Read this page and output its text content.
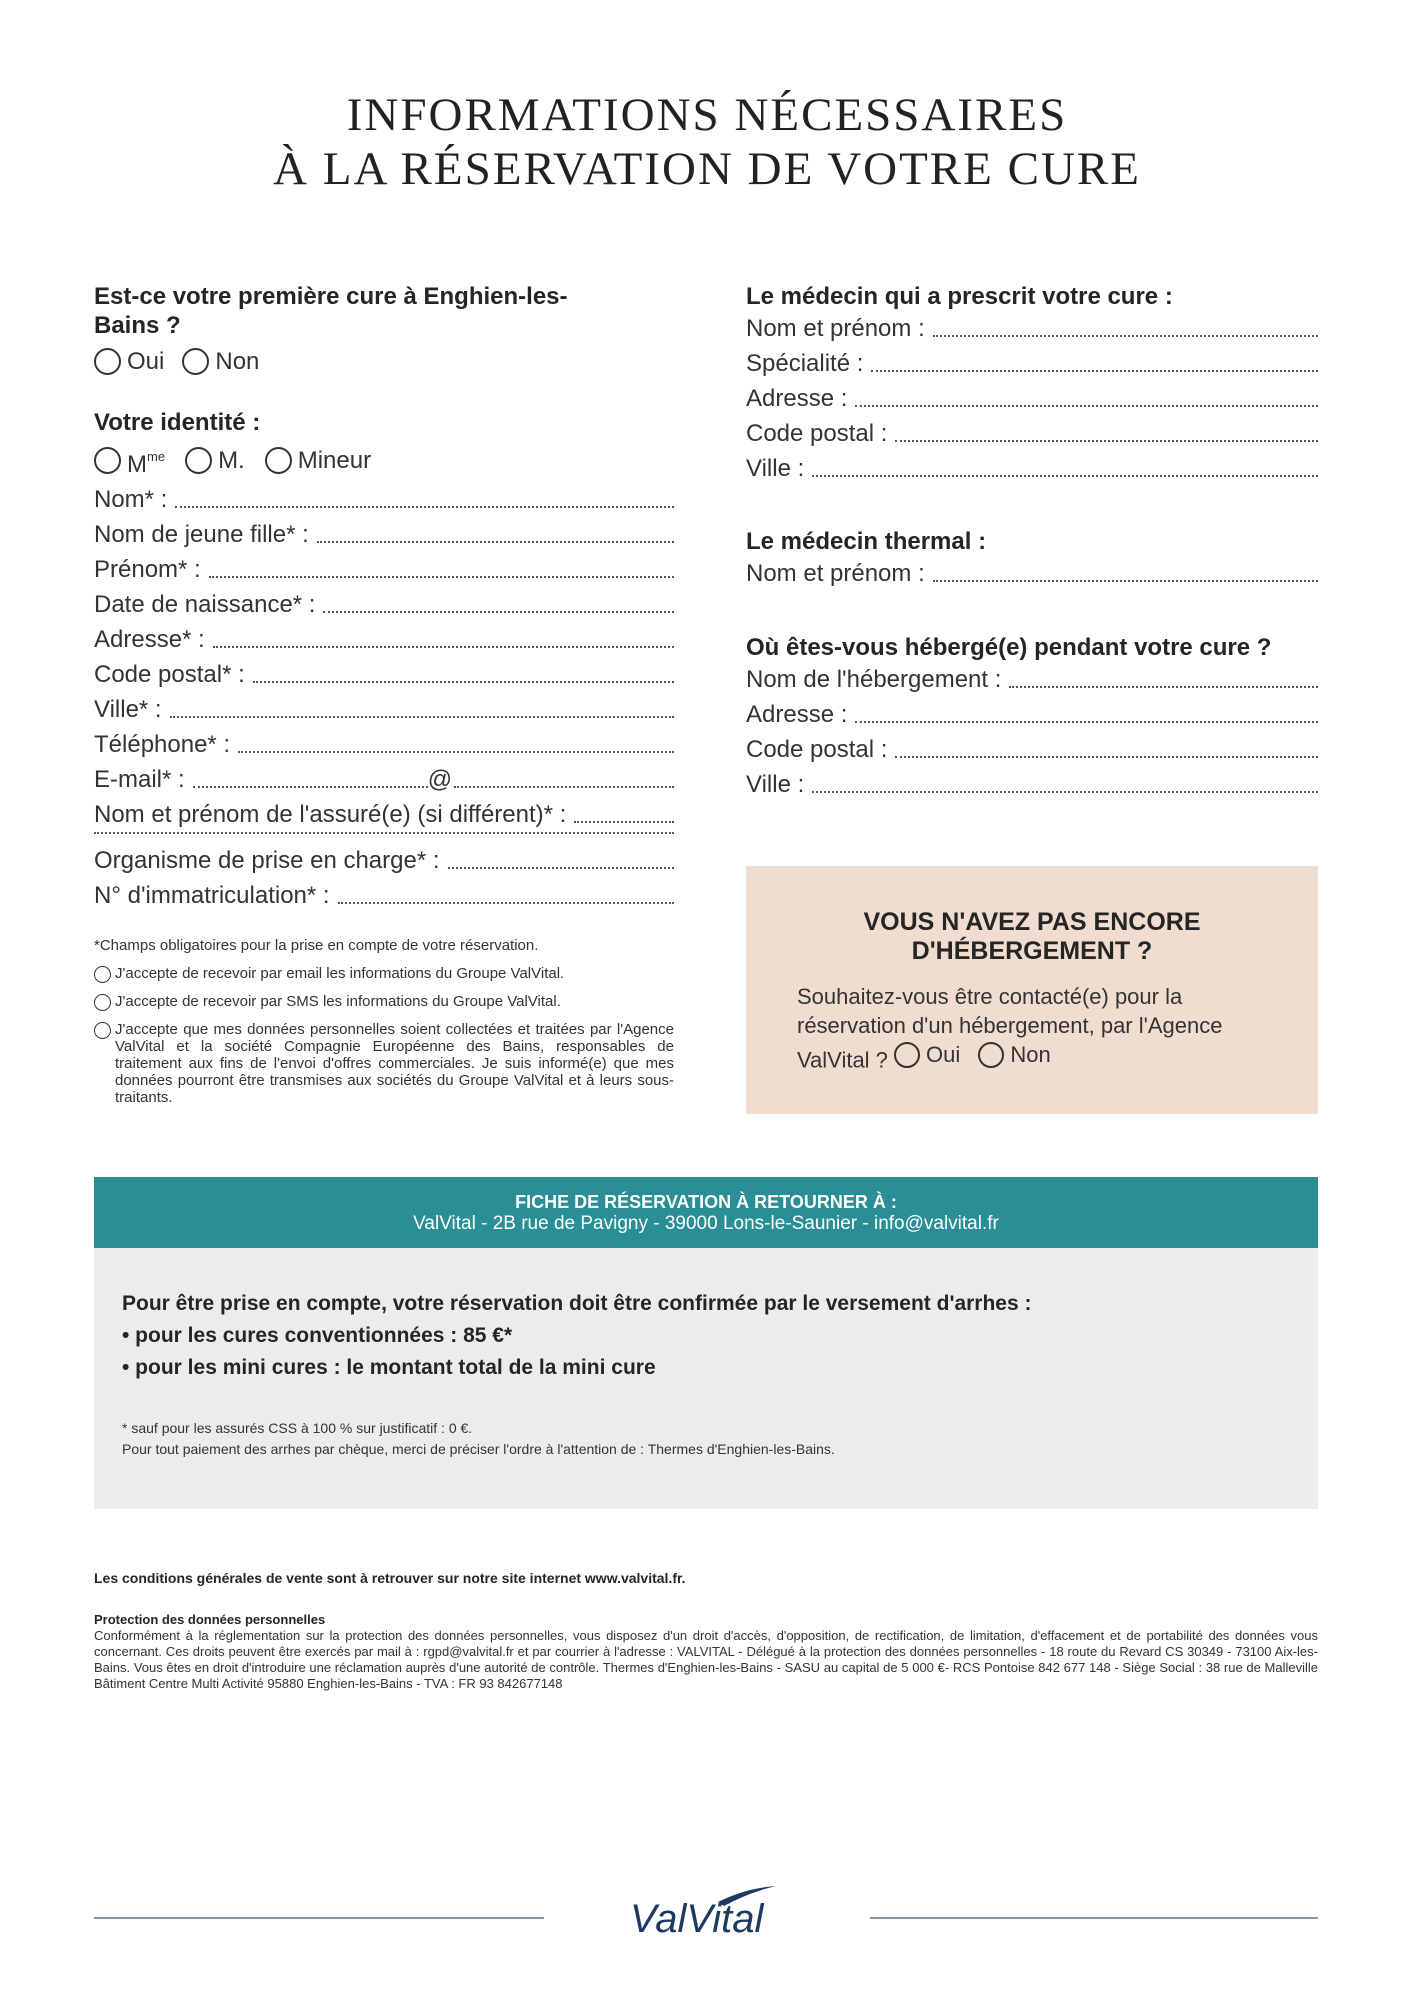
INFORMATIONS NÉCESSAIRES
À LA RÉSERVATION DE VOTRE CURE
Est-ce votre première cure à Enghien-les-Bains ?
Oui Non
Votre identité :
$M^{me}$ M. Mineur
Nom* :
Nom de jeune fille* :
Prénom* :
Date de naissance* :
Adresse* :
Code postal* :
Ville* :
Téléphone* :
E-mail* :	@
Nom et prénom de l'assuré(e) (si différent)* :
Organisme de prise en charge* :
N° d'immatriculation* :
*Champs obligatoires pour la prise en compte de votre réservation.
J'accepte de recevoir par email les informations du Groupe ValVital.
J'accepte de recevoir par SMS les informations du Groupe ValVital.
J'accepte que mes données personnelles soient collectées et traitées par l'Agence ValVital et la société Compagnie Européenne des Bains, responsables de traitement aux fins de l'envoi d'offres commerciales. Je suis informé(e) que mes données pourront être transmises aux sociétés du Groupe ValVital et à leurs sous-traitants.
Le médecin qui a prescrit votre cure :
Nom et prénom :
Spécialité :
Adresse :
Code postal :
Ville :
Le médecin thermal :
Nom et prénom :
Où êtes-vous hébergé(e) pendant votre cure ?
Nom de l'hébergement :
Adresse :
Code postal :
Ville :
VOUS N'AVEZ PAS ENCORE
D'HÉBERGEMENT ?
Souhaitez-vous être contacté(e) pour la réservation d'un hébergement, par l'Agence ValVital ? Oui
Non
FICHE DE RÉSERVATION À RETOURNER À :
ValVital - 2B rue de Pavigny - 39000 Lons-le-Saunier - info@valvital.fr
Pour être prise en compte, votre réservation doit être confirmée par le versement d'arrhes :
• pour les cures conventionnées : 85 €*
• pour les mini cures : le montant total de la mini cure
* sauf pour les assurés CSS à 100 % sur justificatif : 0 €.
Pour tout paiement des arrhes par chèque, merci de préciser l'ordre à l'attention de : Thermes d'Enghien-les-Bains.
Les conditions générales de vente sont à retrouver sur notre site internet www.valvital.fr.
Protection des données personnelles
Conformément à la réglementation sur la protection des données personnelles, vous disposez d'un droit d'accès, d'opposition, de rectification, de limitation, d'effacement et de portabilité des données vous concernant. Ces droits peuvent être exercés par mail à : rgpd@valvital.fr et par courrier à l'adresse : VALVITAL - Délégué à la protection des données personnelles - 18 route du Revard CS 30349 - 73100 Aix-les-Bains. Vous êtes en droit d'introduire une réclamation auprès d'une autorité de contrôle. Thermes d'Enghien-les-Bains - SASU au capital de 5 000 €- RCS Pontoise 842 677 148 - Siège Social : 38 rue de Malleville Bâtiment Centre Multi Activité 95880 Enghien-les-Bains - TVA : FR 93 842677148
ValVital
